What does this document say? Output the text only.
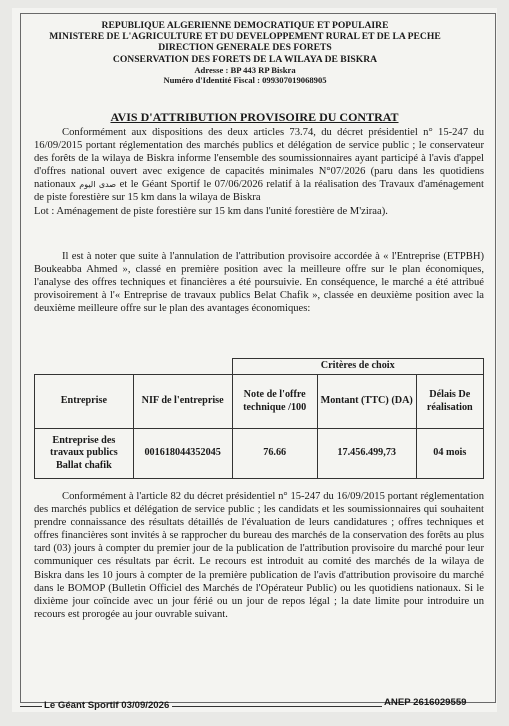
REPUBLIQUE ALGERIENNE DEMOCRATIQUE ET POPULAIRE
MINISTERE DE L'AGRICULTURE ET DU DEVELOPPEMENT RURAL ET DE LA PECHE
DIRECTION GENERALE DES FORETS
CONSERVATION DES FORETS DE LA WILAYA DE BISKRA
Adresse : BP 443 RP Biskra
Numéro d'Identité Fiscal : 099307019068905
AVIS D'ATTRIBUTION PROVISOIRE DU CONTRAT

Conformément aux dispositions des deux articles 73.74, du décret présidentiel n° 15-247 du 16/09/2015 portant réglementation des marchés publics et délégation de service public ; le conservateur des forêts de la wilaya de Biskra informe l'ensemble des soumissionnaires ayant participé à l'avis d'appel d'offres national ouvert avec exigence de capacités minimales N°07/2026 (paru dans les quotidiens nationaux صدى اليوم et le Géant Sportif le 07/06/2026 relatif à la réalisation des Travaux d'aménagement de piste forestière sur 15 km dans la wilaya de Biskra

Lot : Aménagement de piste forestière sur 15 km dans l'unité forestière de M'ziraa).

Il est à noter que suite à l'annulation de l'attribution provisoire accordée à « l'Entreprise (ETPBH) Boukeabba Ahmed », classé en première position avec la meilleure offre sur le plan économiques, l'analyse des offres techniques et financières a été poursuivie. En conséquence, le marché a été attribué provisoirement à l'« Entreprise de travaux publics Belat Chafik », classée en deuxième position avec la deuxième meilleure offre sur le plan des avantages économiques:

		Critères de choix		
Entreprise	NIF de l'entreprise	Note de l'offre technique /100	Montant (TTC) (DA)	Délais De réalisation
Entreprise des travaux publics Ballat chafik	001618044352045	76.66	17.456.499,73	04 mois

Conformément à l'article 82 du décret présidentiel n° 15-247 du 16/09/2015 portant réglementation des marchés publics et délégation de service public ; les candidats et les soumissionnaires qui souhaitent prendre connaissance des résultats détaillés de l'évaluation de leurs candidatures ; offres techniques et offres financières sont invités à se rapprocher du bureau des marchés de la conservation des forêts au plus tard (03) jours à compter du premier jour de la publication de l'attribution provisoire du marché pour leur communiquer ces résultats par écrit. Le recours est introduit au comité des marchés de la wilaya de Biskra dans les 10 jours à compter de la première publication de l'avis d'attribution provisoire du marché dans le BOMOP (Bulletin Officiel des Marchés de l'Opérateur Public) ou les quotidiens nationaux. Si le dixième jour coïncide avec un jour férié ou un jour de repos légal ; la date limite pour introduire un recours est prorogée au jour ouvrable suivant.

Le Géant Sportif 03/09/2026	ANEP 2616029559
